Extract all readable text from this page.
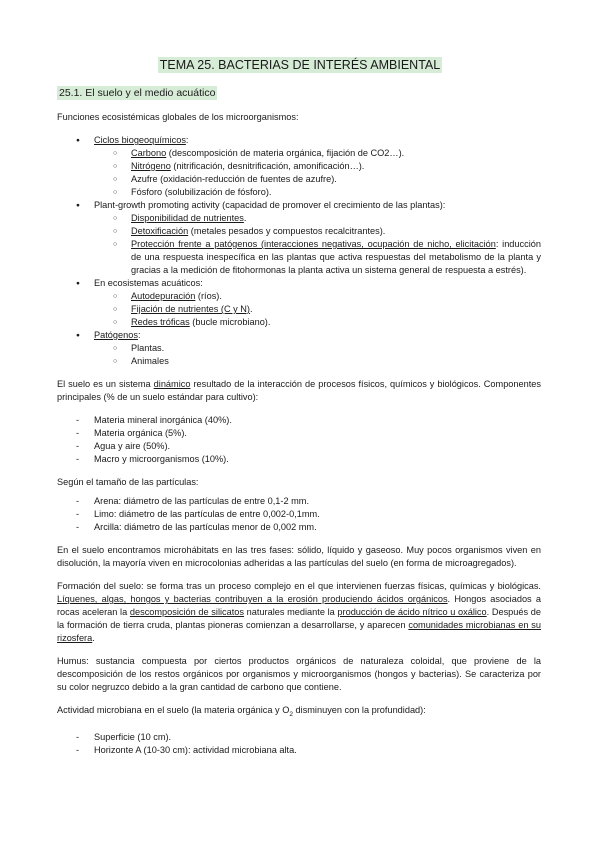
TEMA 25. BACTERIAS DE INTERÉS AMBIENTAL
25.1. El suelo y el medio acuático

Funciones ecosistémicas globales de los microorganismos:

● Ciclos biogeoquímicos:
○ Carbono (descomposición de materia orgánica, fijación de CO2…).
○ Nitrógeno (nitrificación, desnitrificación, amonificación…).
○ Azufre (oxidación-reducción de fuentes de azufre).
○ Fósforo (solubilización de fósforo).
● Plant-growth promoting activity (capacidad de promover el crecimiento de las plantas):
○ Disponibilidad de nutrientes.
○ Detoxificación (metales pesados y compuestos recalcitrantes).
○ Protección frente a patógenos (interacciones negativas, ocupación de nicho, elicitación: inducción de una respuesta inespecífica en las plantas que activa respuestas del metabolismo de la planta y gracias a la medición de fitohormonas la planta activa un sistema general de respuesta a estrés).
● En ecosistemas acuáticos:
○ Autodepuración (ríos).
○ Fijación de nutrientes (C y N).
○ Redes tróficas (bucle microbiano).
● Patógenos:
○ Plantas.
○ Animales

El suelo es un sistema dinámico resultado de la interacción de procesos físicos, químicos y biológicos. Componentes principales (% de un suelo estándar para cultivo):

- Materia mineral inorgánica (40%).
- Materia orgánica (5%).
- Agua y aire (50%).
- Macro y microorganismos (10%).

Según el tamaño de las partículas:

- Arena: diámetro de las partículas de entre 0,1-2 mm.
- Limo: diámetro de las partículas de entre 0,002-0,1mm.
- Arcilla: diámetro de las partículas menor de 0,002 mm.

En el suelo encontramos microhábitats en las tres fases: sólido, líquido y gaseoso. Muy pocos organismos viven en disolución, la mayoría viven en microcolonias adheridas a las partículas del suelo (en forma de microagregados).

Formación del suelo: se forma tras un proceso complejo en el que intervienen fuerzas físicas, químicas y biológicas. Líquenes, algas, hongos y bacterias contribuyen a la erosión produciendo ácidos orgánicos. Hongos asociados a rocas aceleran la descomposición de silicatos naturales mediante la producción de ácido nítrico u oxálico. Después de la formación de tierra cruda, plantas pioneras comienzan a desarrollarse, y aparecen comunidades microbianas en su rizosfera.

Humus: sustancia compuesta por ciertos productos orgánicos de naturaleza coloidal, que proviene de la descomposición de los restos orgánicos por organismos y microorganismos (hongos y bacterias). Se caracteriza por su color negruzco debido a la gran cantidad de carbono que contiene.

Actividad microbiana en el suelo (la materia orgánica y $O_2$ disminuyen con la profundidad):

- Superficie (10 cm).
- Horizonte A (10-30 cm): actividad microbiana alta.
